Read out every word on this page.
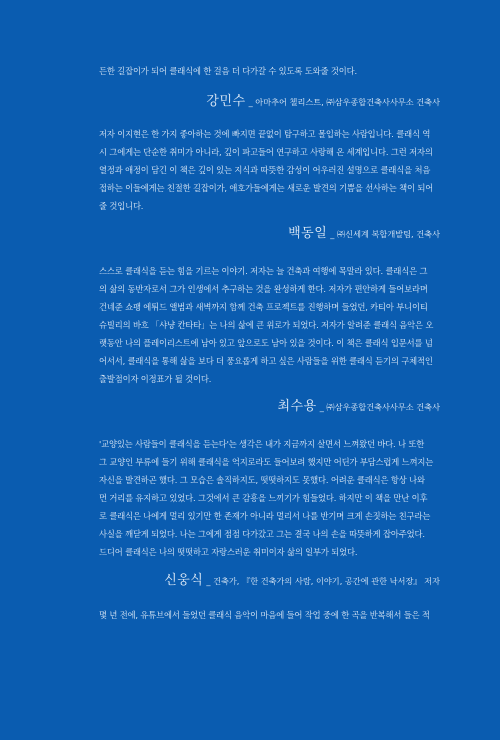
든한 길잡이가 되어 클래식에 한 걸음 더 다가갈 수 있도록 도와줄 것이다.

강민수 _ 아마추어 첼리스트, ㈜삼우종합건축사사무소 건축사

저자 이지현은 한 가지 좋아하는 것에 빠지면 끝없이 탐구하고 몰입하는 사람입니다. 클래식 역
시 그에게는 단순한 취미가 아니라, 깊이 파고들어 연구하고 사랑해 온 세계입니다. 그런 저자의
열정과 애정이 담긴 이 책은 깊이 있는 지식과 따뜻한 감성이 어우러진 설명으로 클래식을 처음
접하는 이들에게는 친절한 길잡이가, 애호가들에게는 새로운 발견의 기쁨을 선사하는 책이 되어
줄 것입니다.

백동일 _ ㈜신세계 복합개발팀, 건축사

스스로 클래식을 듣는 힘을 기르는 이야기. 저자는 늘 건축과 여행에 목말라 있다. 클래식은 그
의 삶의 동반자로서 그가 인생에서 추구하는 것을 완성하게 한다. 저자가 편안하게 들어보라며
건네준 쇼팽 에튀드 앨범과 새벽까지 함께 건축 프로젝트를 진행하며 들었던, 카티아 부니이티
슈빌리의 바흐 「샤냥 칸타타」는 나의 삶에 큰 위로가 되었다. 저자가 알려준 클래식 음악은 오
랫동안 나의 플레이리스트에 남아 있고 앞으로도 남아 있을 것이다. 이 책은 클래식 입문서를 넘
어서서, 클래식을 통해 삶을 보다 더 풍요롭게 하고 싶은 사람들을 위한 클래식 듣기의 구체적인
출발점이자 이정표가 될 것이다.

최수용 _ ㈜삼우종합건축사사무소 건축사

'교양있는 사람들이 클래식을 듣는다'는 생각은 내가 지금까지 살면서 느껴왔던 바다. 나 또한
그 교양인 부류에 들기 위해 클래식을 억지로라도 들어보려 했지만 어딘가 부담스럽게 느껴지는
자신을 발견하곤 했다. 그 모습은 솔직하지도, 떳떳하지도 못했다. 어려운 클래식은 항상 나와
먼 거리를 유지하고 있었다. 그것에서 큰 감흥을 느끼기가 힘들었다. 하지만 이 책을 만난 이후
로 클래식은 나에게 멀리 있기만 한 존재가 아니라 멀리서 나를 반기며 크게 손짓하는 친구라는
사실을 깨닫게 되었다. 나는 그에게 점점 다가갔고 그는 결국 나의 손을 따뜻하게 잡아주었다.
드디어 클래식은 나의 떳떳하고 자랑스러운 취미이자 삶의 일부가 되었다.

신웅식 _ 건축가, 『한 건축가의 사람, 이야기, 공간에 관한 낙서장』 저자

몇 년 전에, 유튜브에서 들었던 클래식 음악이 마음에 들어 작업 중에 한 곡을 반복해서 들은 적
